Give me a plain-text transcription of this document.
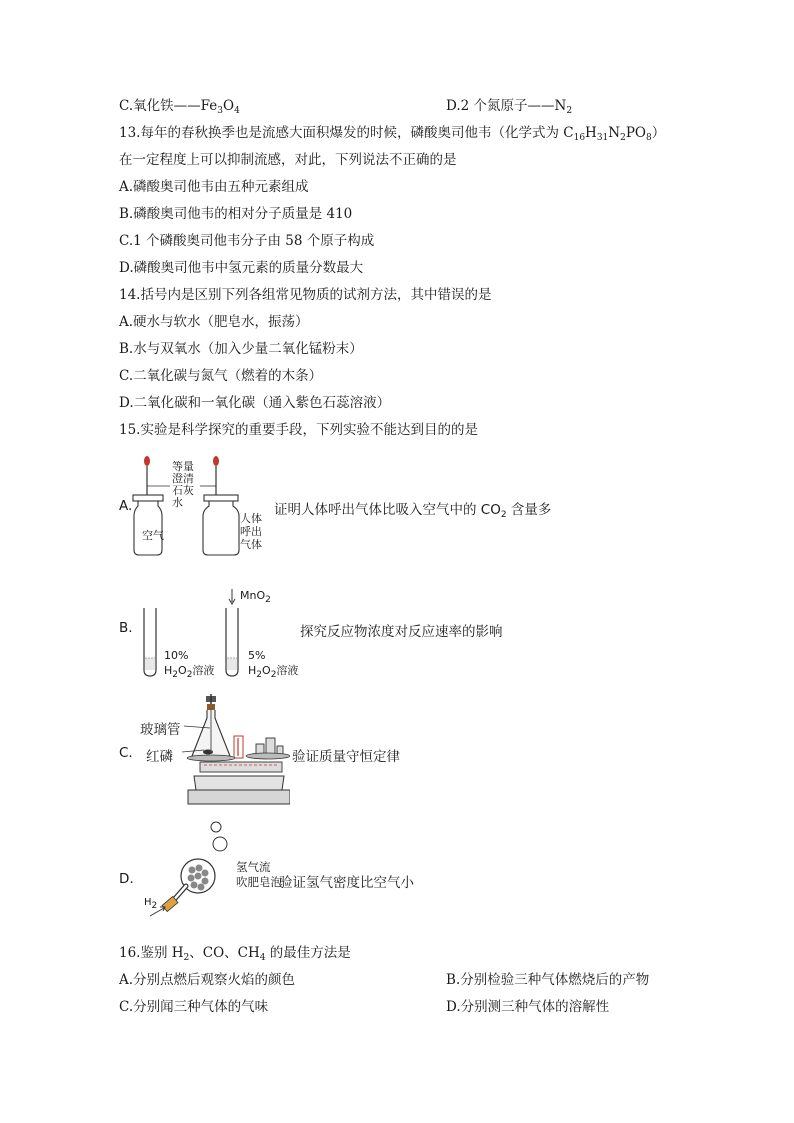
C.氧化铁$——Fe_3O_4$	D.2 个氮原子$——N_2$
13.每年的春秋换季也是流感大面积爆发的时候，磷酸奥司他韦（化学式为 $C_{16}H_{31}N_2PO_8$）
在一定程度上可以抑制流感，对此，下列说法不正确的是
A.磷酸奥司他韦由五种元素组成
B.磷酸奥司他韦的相对分子质量是 410
C.1 个磷酸奥司他韦分子由 58 个原子构成
D.磷酸奥司他韦中氢元素的质量分数最大
14.括号内是区别下列各组常见物质的试剂方法，其中错误的是
A.硬水与软水（肥皂水，振荡）
B.水与双氧水（加入少量二氧化锰粉末）
C.二氧化碳与氮气（燃着的木条）
D.二氧化碳和一氧化碳（通入紫色石蕊溶液）
15.实验是科学探究的重要手段，下列实验不能达到目的的是
A.
等量
澄清
石灰
水
空气
人体
呼出
气体
证明人体呼出气体比吸入空气中的 $CO_2$ 含量多
B.
MnO$_2$
10%
$H_2O_2$溶液
5%
$H_2O_2$溶液
探究反应物浓度对反应速率的影响
C.
玻璃管
红磷	验证质量守恒定律
D.
氢气流
吹肥皂泡
$H_2$
验证氢气密度比空气小
16.鉴别 $H_2$、CO、$CH_4$ 的最佳方法是
A.分别点燃后观察火焰的颜色	B.分别检验三种气体燃烧后的产物
C.分别闻三种气体的气味	D.分别测三种气体的溶解性
